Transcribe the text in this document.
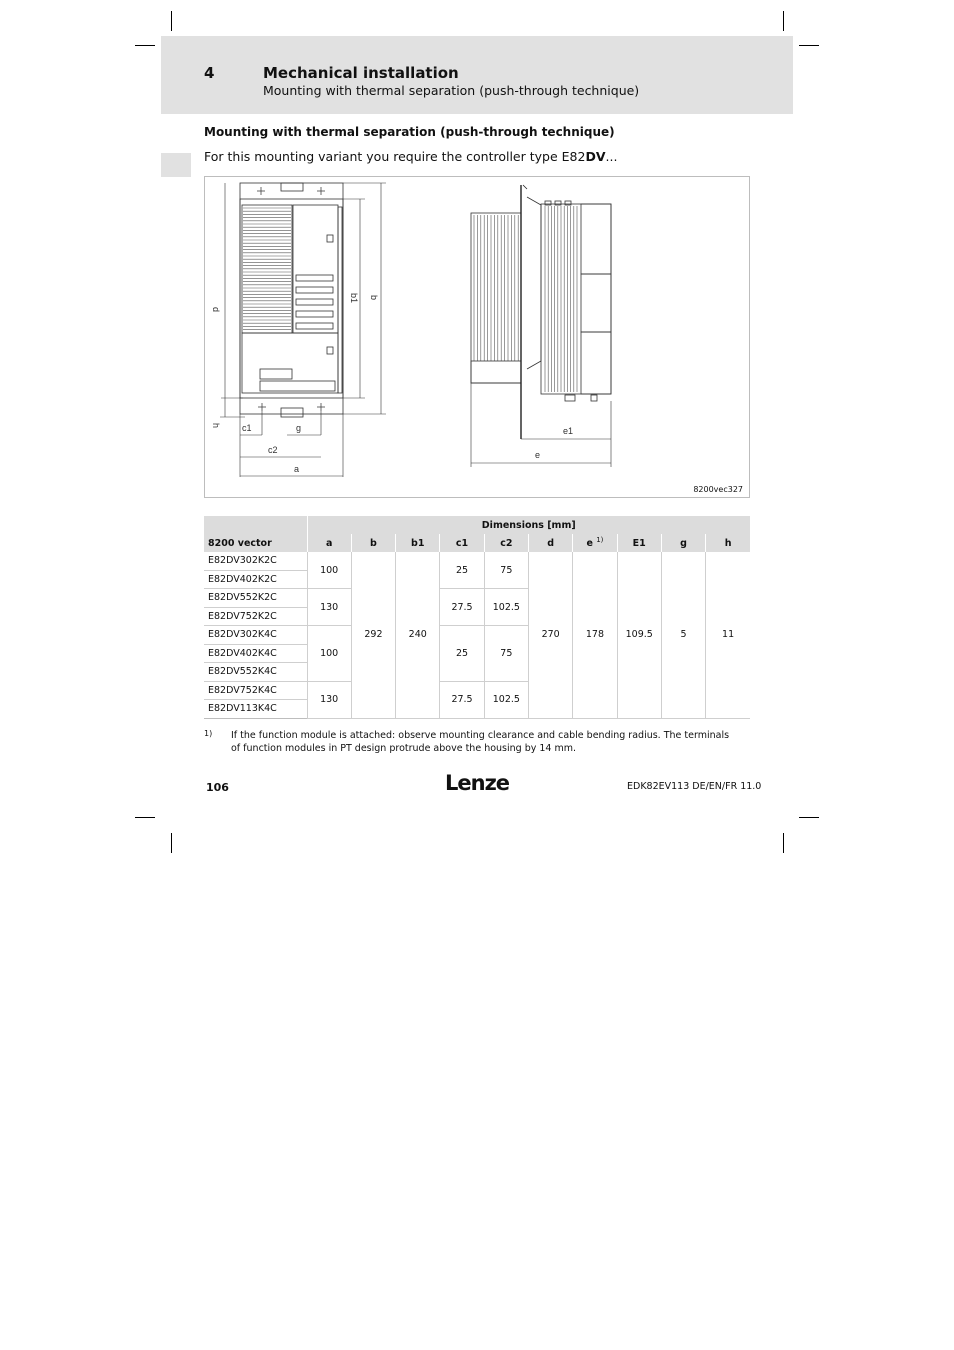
4	Mechanical installation
Mounting with thermal separation (push-through technique)
Mounting with thermal separation (push-through technique)
For this mounting variant you require the controller type E82DV...
d
b1 b
h c1	g
c2
a
e1
e
8200vec327
	Dimensions [mm]									
8200 vector	a	b	b1	c1	c2	d	e $^{1)}$	E1	g	h
E82DV302K2C	100	292	240	25	75	270	178	109.5	5	11
E82DV402K2C										
E82DV552K2C	130			27.5	102.5					
E82DV752K2C										
E82DV302K4C	100			25	75					
E82DV402K4C										
E82DV552K4C										
E82DV752K4C	130			27.5	102.5					
E82DV113K4C										
1) If the function module is attached: observe mounting clearance and cable bending radius. The terminals of function modules in PT design protrude above the housing by 14 mm.
106	Lenze	EDK82EV113 DE/EN/FR 11.0
